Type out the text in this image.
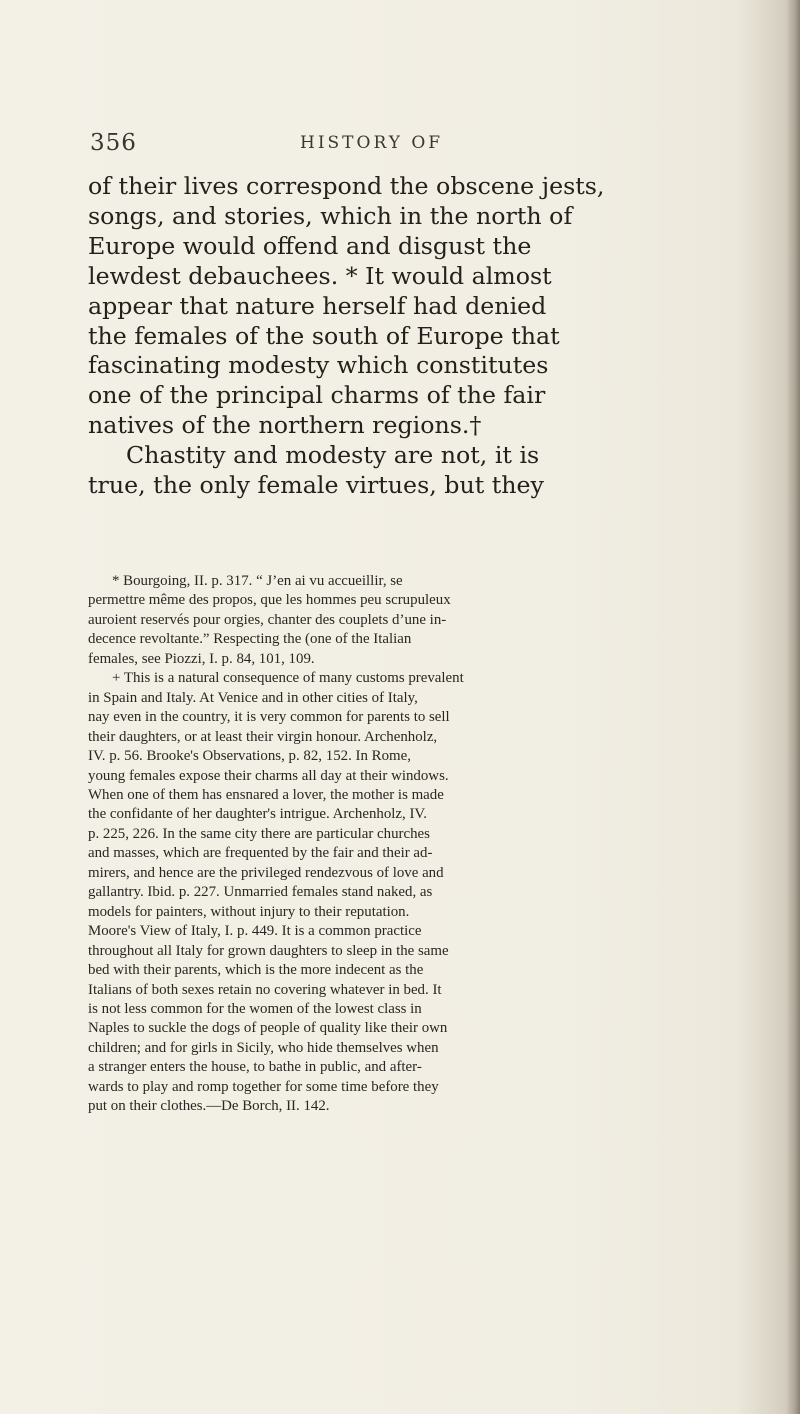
356	HISTORY OF
of their lives correspond the obscene jests,
songs, and stories, which in the north of
Europe would offend and disgust the
lewdest debauchees. * It would almost
appear that nature herself had denied
the females of the south of Europe that
fascinating modesty which constitutes
one of the principal charms of the fair
natives of the northern regions.†
Chastity and modesty are not, it is
true, the only female virtues, but they
* Bourgoing, II. p. 317. “ J’en ai vu accueillir, se
permettre même des propos, que les hommes peu scrupuleux
auroient reservés pour orgies, chanter des couplets d’une in-
decence revoltante.” Respecting the (one of the Italian
females, see Piozzi, I. p. 84, 101, 109.
+ This is a natural consequence of many customs prevalent
in Spain and Italy. At Venice and in other cities of Italy,
nay even in the country, it is very common for parents to sell
their daughters, or at least their virgin honour. Archenholz,
IV. p. 56. Brooke's Observations, p. 82, 152. In Rome,
young females expose their charms all day at their windows.
When one of them has ensnared a lover, the mother is made
the confidante of her daughter's intrigue. Archenholz, IV.
p. 225, 226. In the same city there are particular churches
and masses, which are frequented by the fair and their ad-
mirers, and hence are the privileged rendezvous of love and
gallantry. Ibid. p. 227. Unmarried females stand naked, as
models for painters, without injury to their reputation.
Moore's View of Italy, I. p. 449. It is a common practice
throughout all Italy for grown daughters to sleep in the same
bed with their parents, which is the more indecent as the
Italians of both sexes retain no covering whatever in bed. It
is not less common for the women of the lowest class in
Naples to suckle the dogs of people of quality like their own
children; and for girls in Sicily, who hide themselves when
a stranger enters the house, to bathe in public, and after-
wards to play and romp together for some time before they
put on their clothes.—De Borch, II. 142.
